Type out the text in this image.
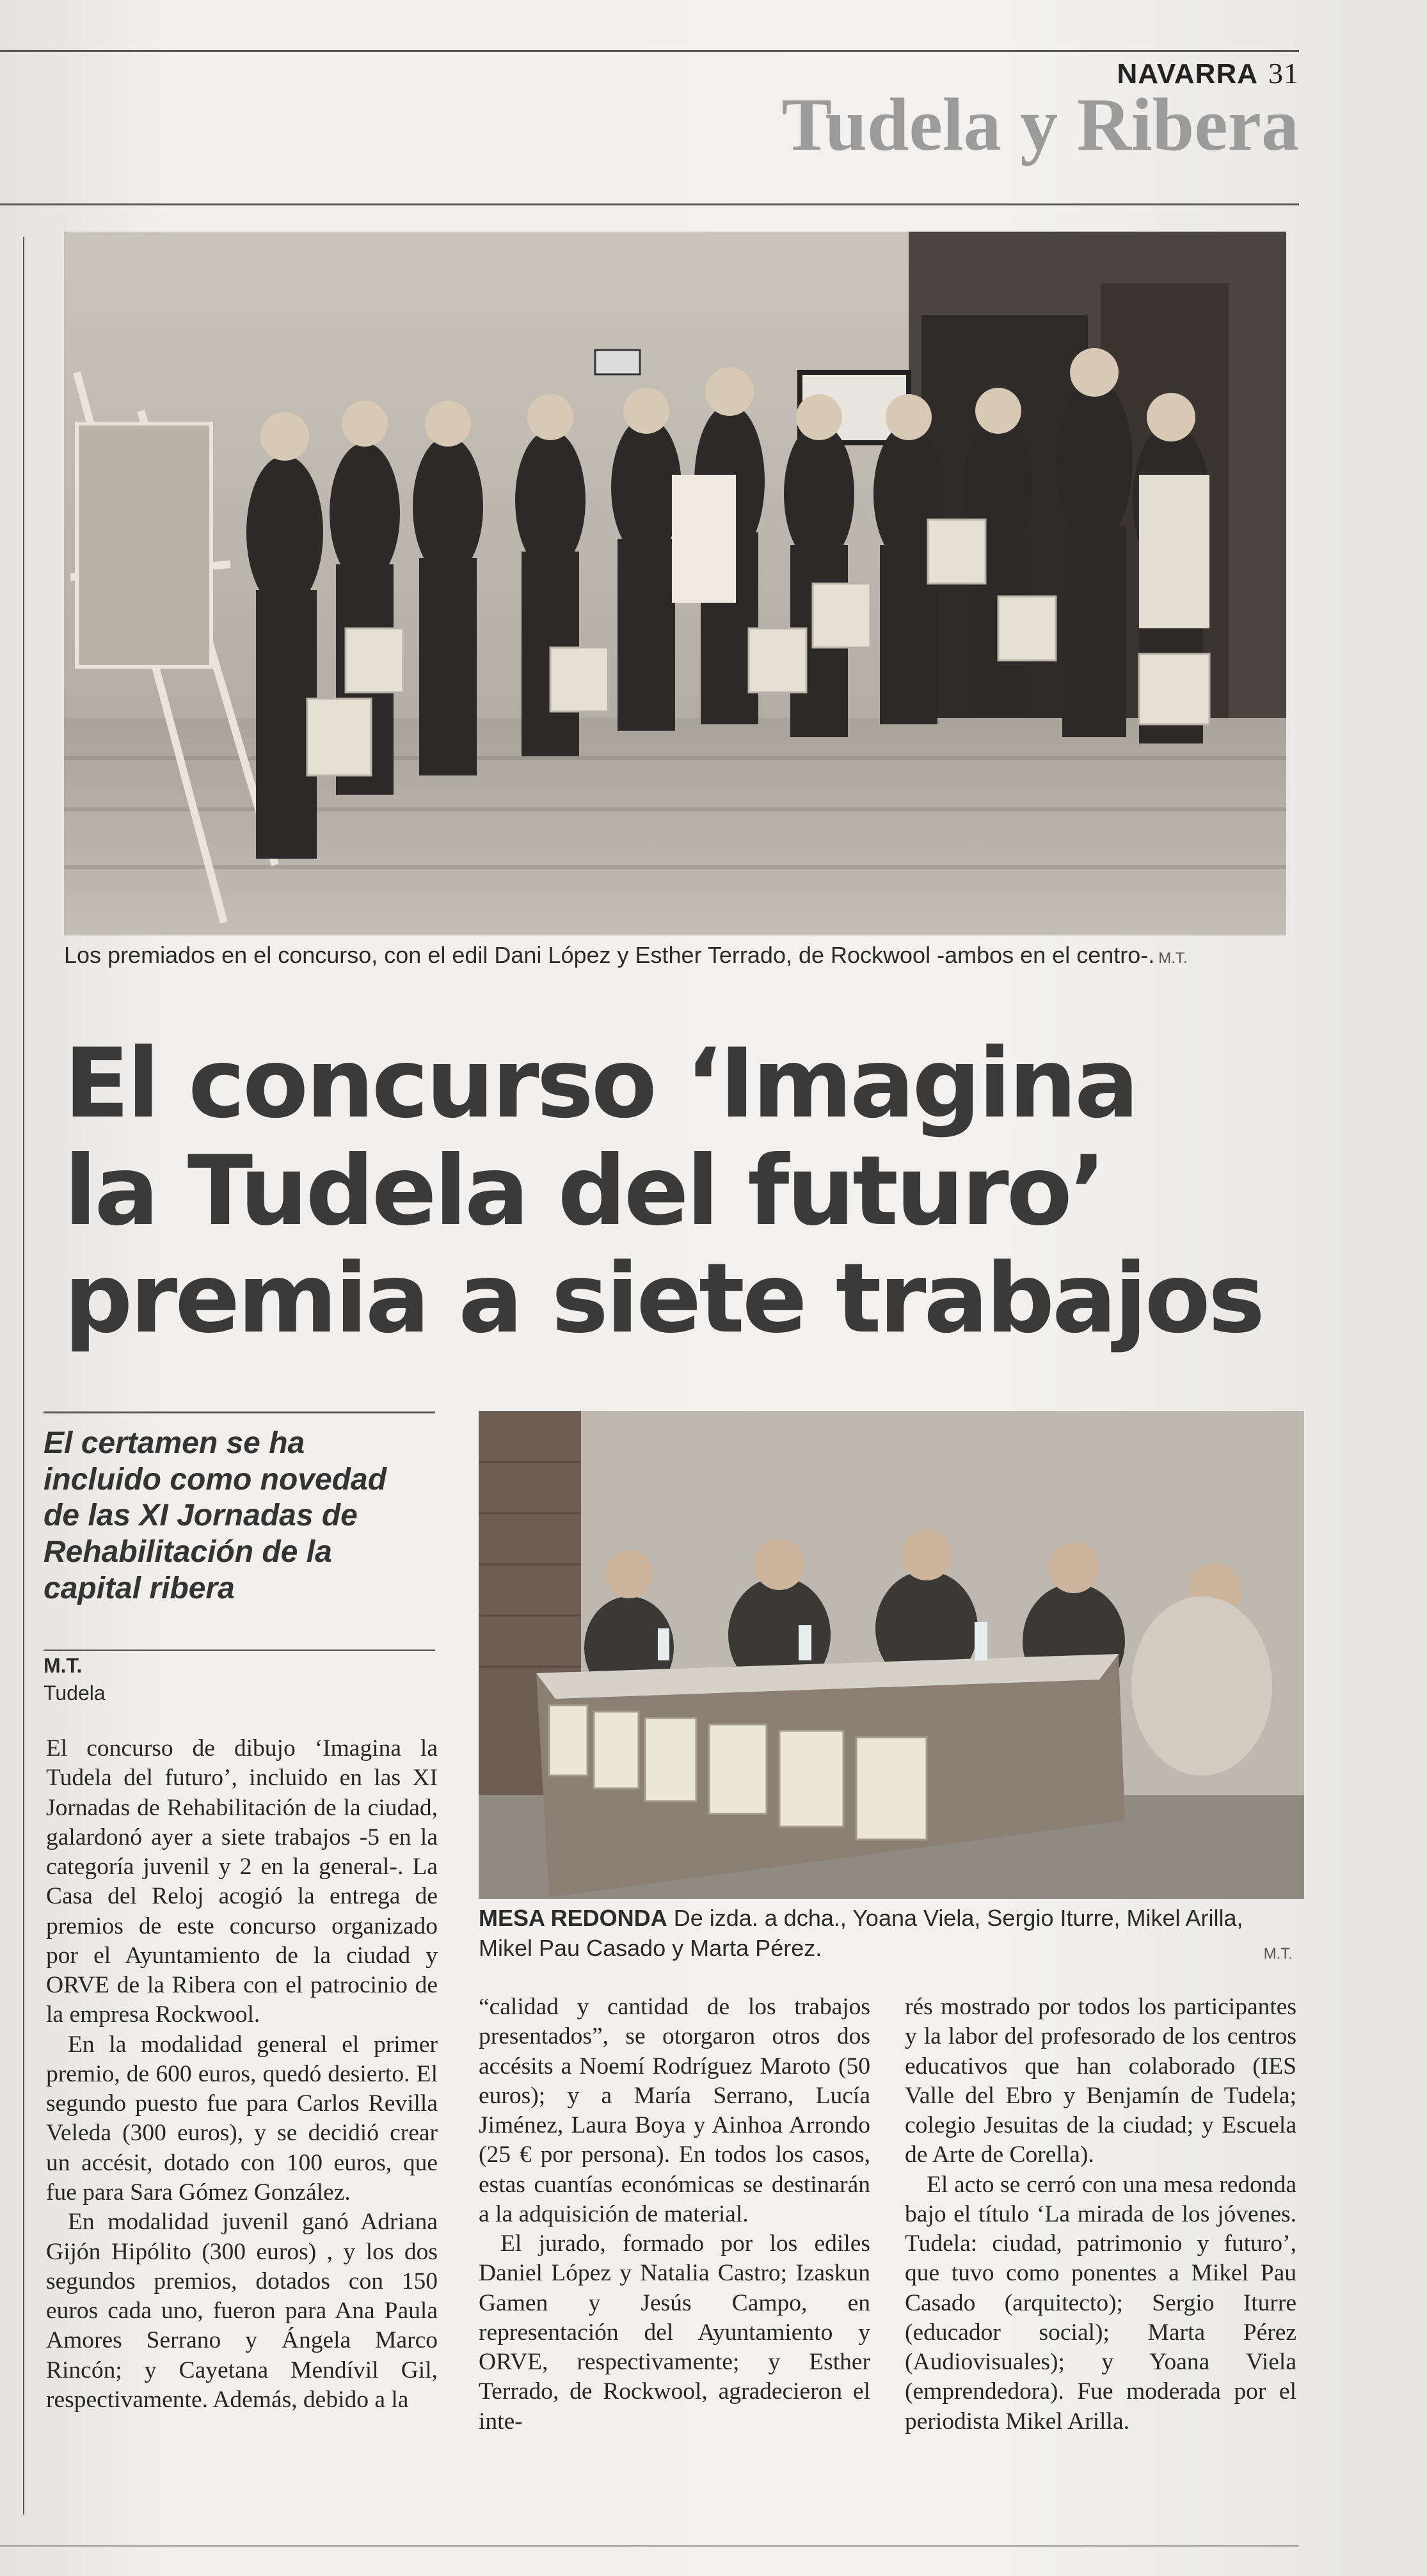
NAVARRA 31
Tudela y Ribera
Los premiados en el concurso, con el edil Dani López y Esther Terrado, de Rockwool -ambos en el centro-. M.T.
El concurso ‘Imagina
la Tudela del futuro’
premia a siete trabajos
El certamen se ha incluido como novedad de las XI Jornadas de Rehabilitación de la capital ribera
M.T.
Tudela
MESA REDONDA De izda. a dcha., Yoana Viela, Sergio Iturre, Mikel Arilla, Mikel Pau Casado y Marta Pérez.	M.T.

El concurso de dibujo ‘Imagina la Tudela del futuro’, incluido en las XI Jornadas de Rehabilitación de la ciudad, galardonó ayer a siete trabajos -5 en la categoría juvenil y 2 en la general-. La Casa del Reloj acogió la entrega de premios de este concurso organizado por el Ayuntamiento de la ciudad y ORVE de la Ribera con el patrocinio de la empresa Rockwool.

En la modalidad general el primer premio, de 600 euros, quedó desierto. El segundo puesto fue para Carlos Revilla Veleda (300 euros), y se decidió crear un accésit, dotado con 100 euros, que fue para Sara Gómez González.

En modalidad juvenil ganó Adriana Gijón Hipólito (300 euros) , y los dos segundos premios, dotados con 150 euros cada uno, fueron para Ana Paula Amores Serrano y Ángela Marco Rincón; y Cayetana Mendívil Gil, respectivamente. Además, debido a la

“calidad y cantidad de los trabajos presentados”, se otorgaron otros dos accésits a Noemí Rodríguez Maroto (50 euros); y a María Serrano, Lucía Jiménez, Laura Boya y Ainhoa Arrondo (25 € por persona). En todos los casos, estas cuantías económicas se destinarán a la adquisición de material.

El jurado, formado por los ediles Daniel López y Natalia Castro; Izaskun Gamen y Jesús Campo, en representación del Ayuntamiento y ORVE, respectivamente; y Esther Terrado, de Rockwool, agradecieron el inte-

rés mostrado por todos los participantes y la labor del profesorado de los centros educativos que han colaborado (IES Valle del Ebro y Benjamín de Tudela; colegio Jesuitas de la ciudad; y Escuela de Arte de Corella).

El acto se cerró con una mesa redonda bajo el título ‘La mirada de los jóvenes. Tudela: ciudad, patrimonio y futuro’, que tuvo como ponentes a Mikel Pau Casado (arquitecto); Sergio Iturre (educador social); Marta Pérez (Audiovisuales); y Yoana Viela (emprendedora). Fue moderada por el periodista Mikel Arilla.
